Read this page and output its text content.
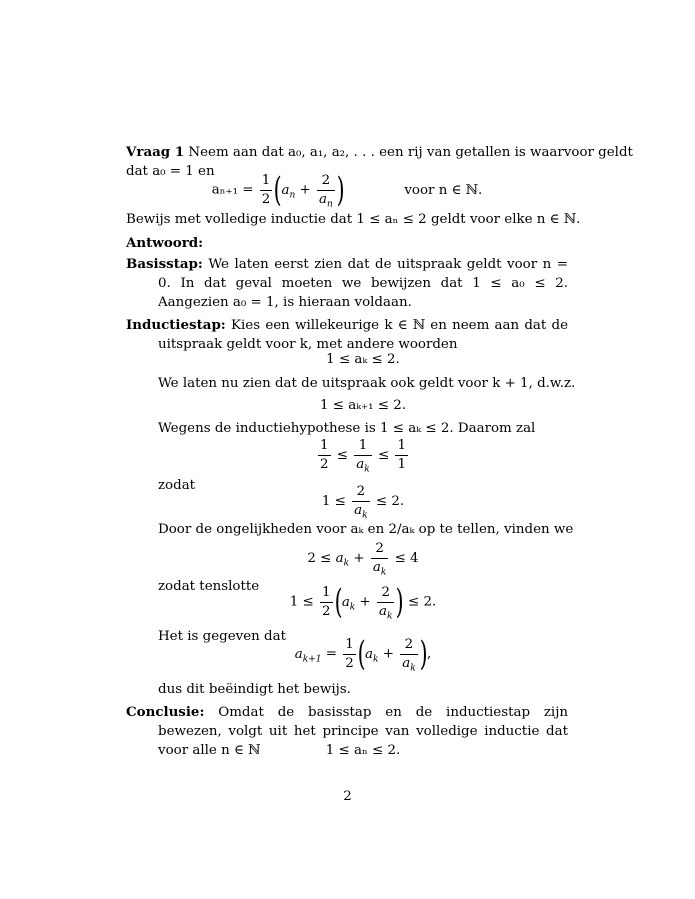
Vraag 1 Neem aan dat a₀, a₁, a₂, . . . een rij van getallen is waarvoor geldt
dat a₀ = 1 en
$a_{n+1} = \frac{1}{2} (a_n + \frac{2}{a_n}$ )	voor n ∈ ℕ.
Bewijs met volledige inductie dat 1 ≤ aₙ ≤ 2 geldt voor elke n ∈ ℕ.
Antwoord:
Basisstap: We laten eerst zien dat de uitspraak geldt voor n = 0. In dat geval moeten we bewijzen dat 1 ≤ a₀ ≤ 2. Aangezien a₀ = 1, is hieraan voldaan.
Inductiestap: Kies een willekeurige k ∈ ℕ en neem aan dat de uitspraak geldt voor k, met andere woorden
1 ≤ aₖ ≤ 2.
We laten nu zien dat de uitspraak ook geldt voor k + 1, d.w.z.
1 ≤ aₖ₊₁ ≤ 2.
Wegens de inductiehypothese is 1 ≤ aₖ ≤ 2. Daarom zal
$\frac{1}{2} \le \frac{1}{a_k} \le \frac{1}{1}$
zodat
$1 \le \frac{2}{a_k} \le 2$.
Door de ongelijkheden voor aₖ en 2/aₖ op te tellen, vinden we
$2 \le a_k + \frac{2}{a_k} \le 4$
zodat tenslotte
$1 \le \frac{1}{2} (a_k + \frac{2}{a_k}$ ) ≤ 2.
Het is gegeven dat
$a_{k+1} = \frac{1}{2} (a_k + \frac{2}{a_k}$ ),
dus dit beëindigt het bewijs.
Conclusie: Omdat de basisstap en de inductiestap zijn bewezen, volgt uit het principe van volledige inductie dat voor alle n ∈ ℕ	1 ≤ aₙ ≤ 2.
2
